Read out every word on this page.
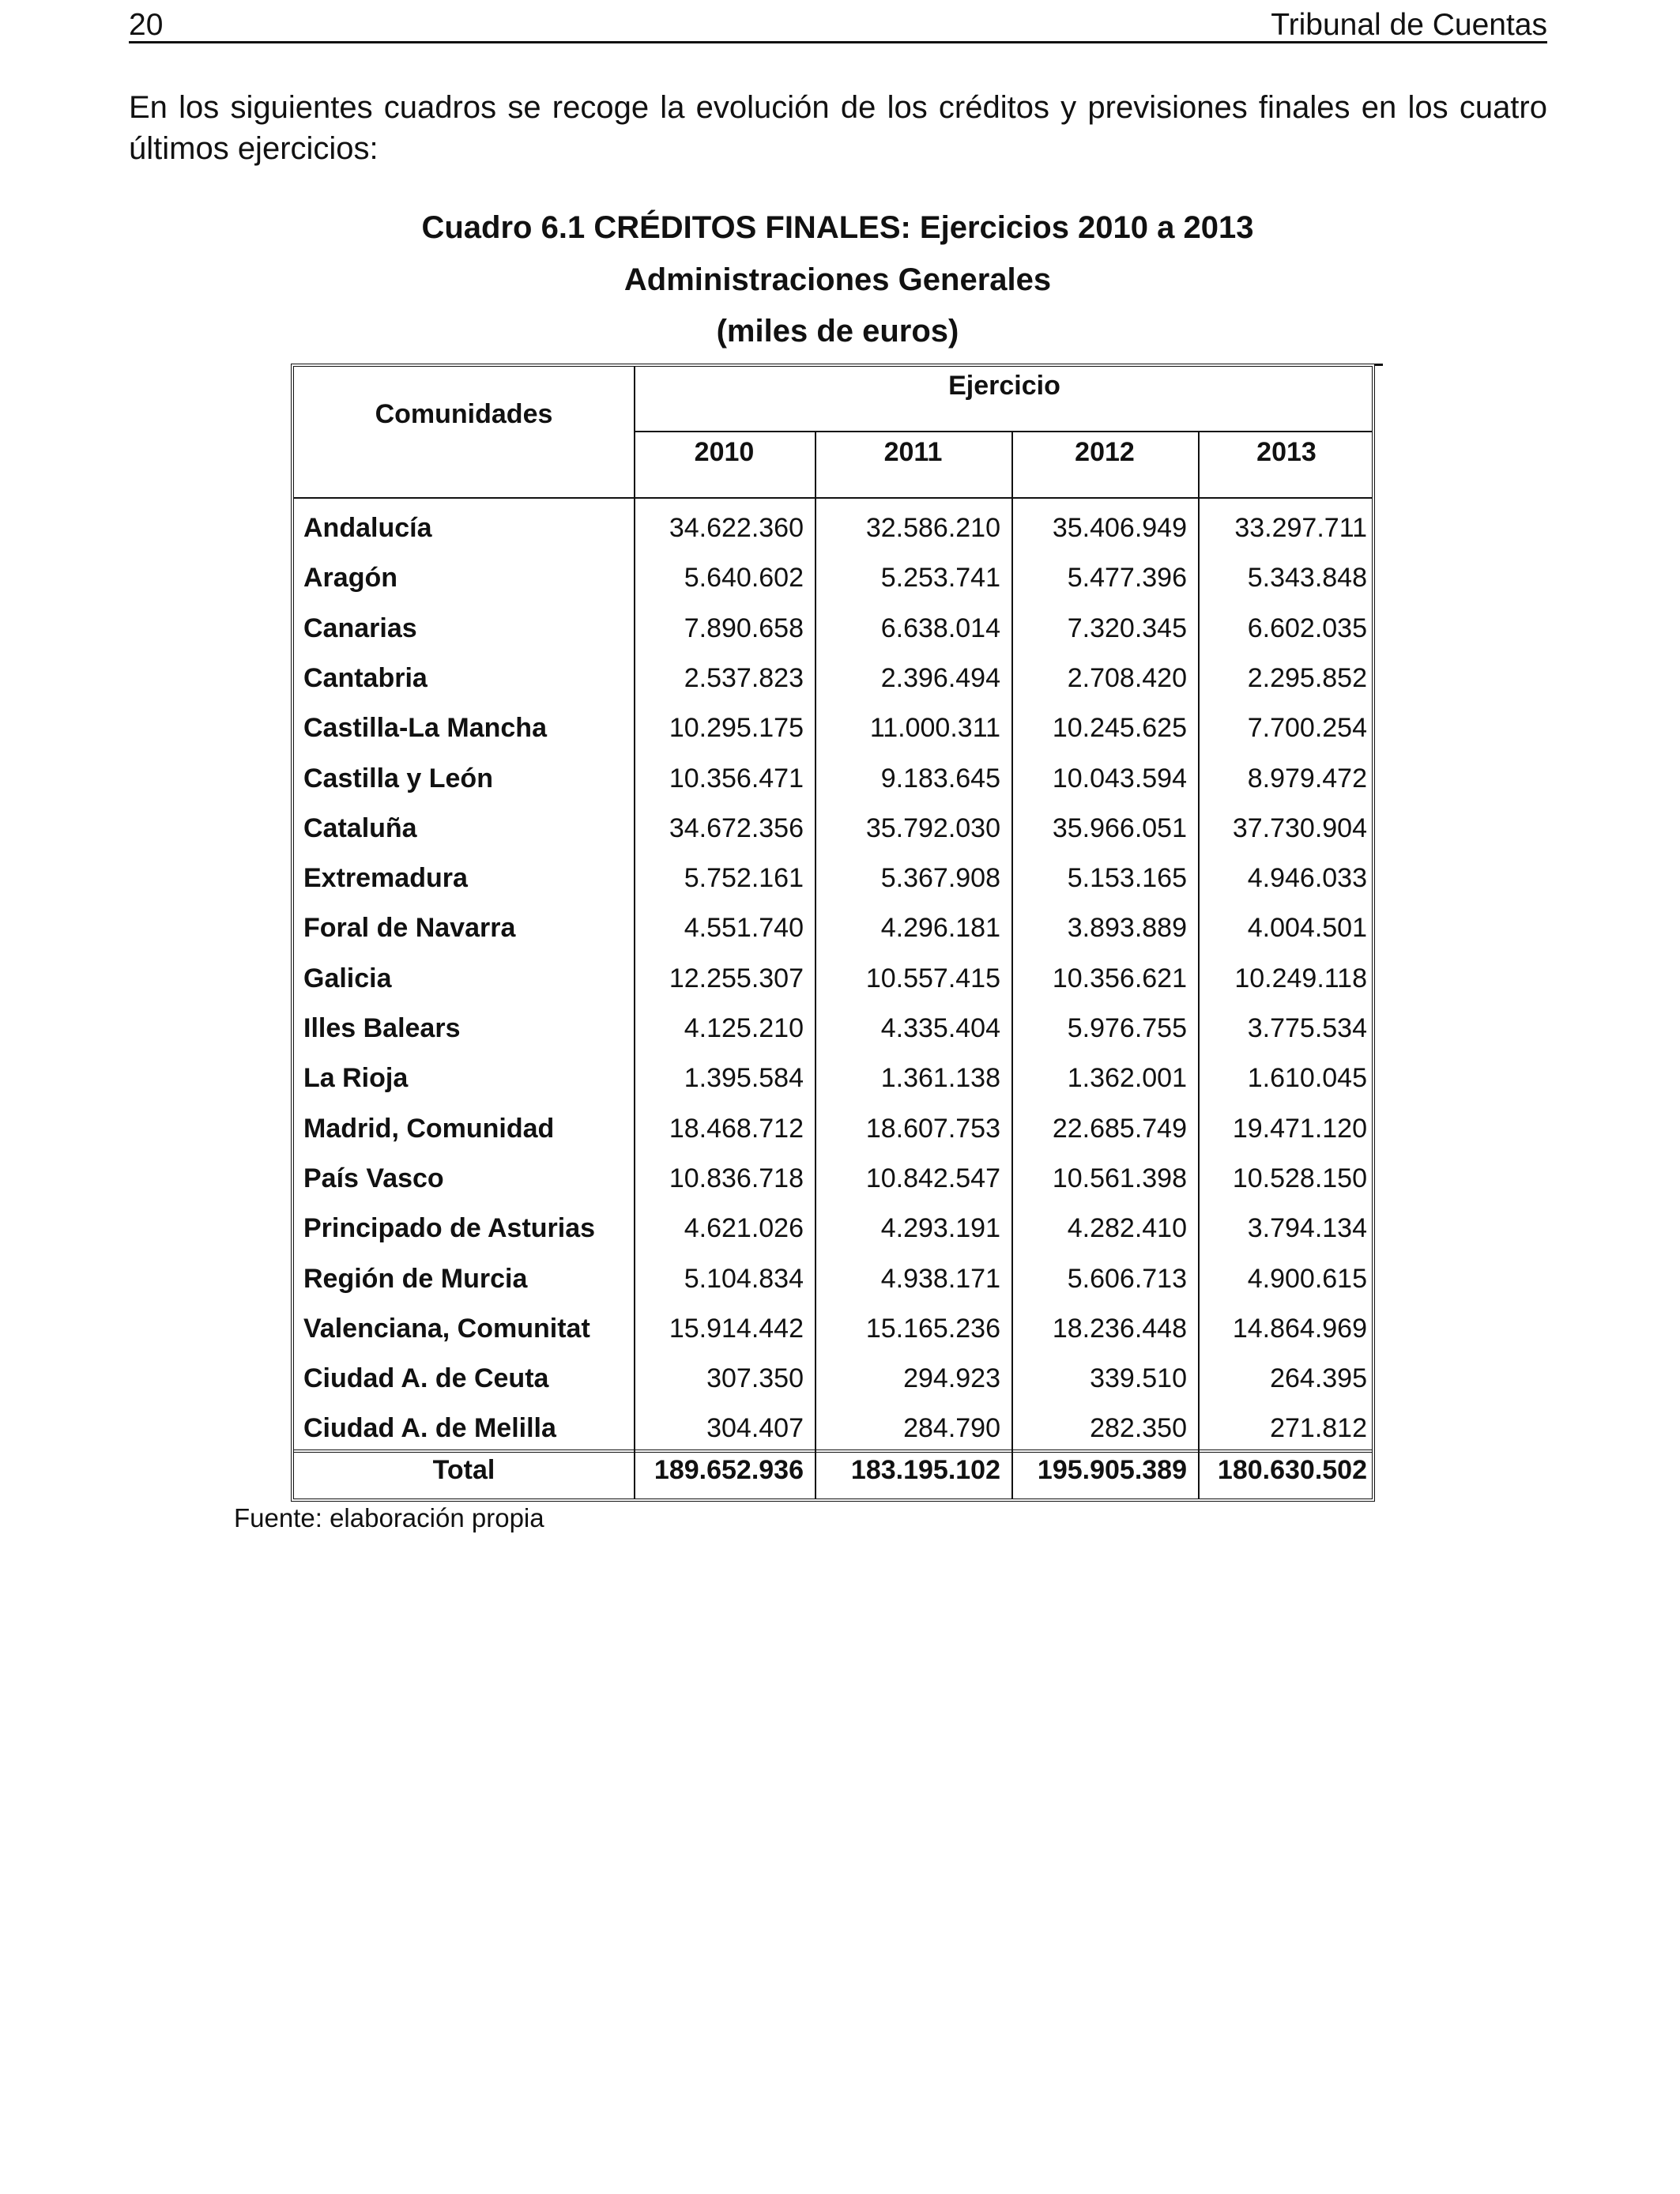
20	Tribunal de Cuentas
En los siguientes cuadros se recoge la evolución de los créditos y previsiones finales en los cuatro últimos ejercicios:
Cuadro 6.1 CRÉDITOS FINALES: Ejercicios 2010 a 2013
Administraciones Generales
(miles de euros)
Comunidades
Ejercicio
2010	2011	2012	2013
Andalucía	34.622.360	32.586.210	35.406.949	33.297.711
Aragón	5.640.602	5.253.741	5.477.396	5.343.848
Canarias	7.890.658	6.638.014	7.320.345	6.602.035
Cantabria	2.537.823	2.396.494	2.708.420	2.295.852
Castilla-La Mancha	10.295.175	11.000.311	10.245.625	7.700.254
Castilla y León	10.356.471	9.183.645	10.043.594	8.979.472
Cataluña	34.672.356	35.792.030	35.966.051	37.730.904
Extremadura	5.752.161	5.367.908	5.153.165	4.946.033
Foral de Navarra	4.551.740	4.296.181	3.893.889	4.004.501
Galicia	12.255.307	10.557.415	10.356.621	10.249.118
Illes Balears	4.125.210	4.335.404	5.976.755	3.775.534
La Rioja	1.395.584	1.361.138	1.362.001	1.610.045
Madrid, Comunidad	18.468.712	18.607.753	22.685.749	19.471.120
País Vasco	10.836.718	10.842.547	10.561.398	10.528.150
Principado de Asturias	4.621.026	4.293.191	4.282.410	3.794.134
Región de Murcia	5.104.834	4.938.171	5.606.713	4.900.615
Valenciana, Comunitat	15.914.442	15.165.236	18.236.448	14.864.969
Ciudad A. de Ceuta	307.350	294.923	339.510	264.395
Ciudad A. de Melilla	304.407	284.790	282.350	271.812
Total	189.652.936	183.195.102	195.905.389	180.630.502
Fuente: elaboración propia
